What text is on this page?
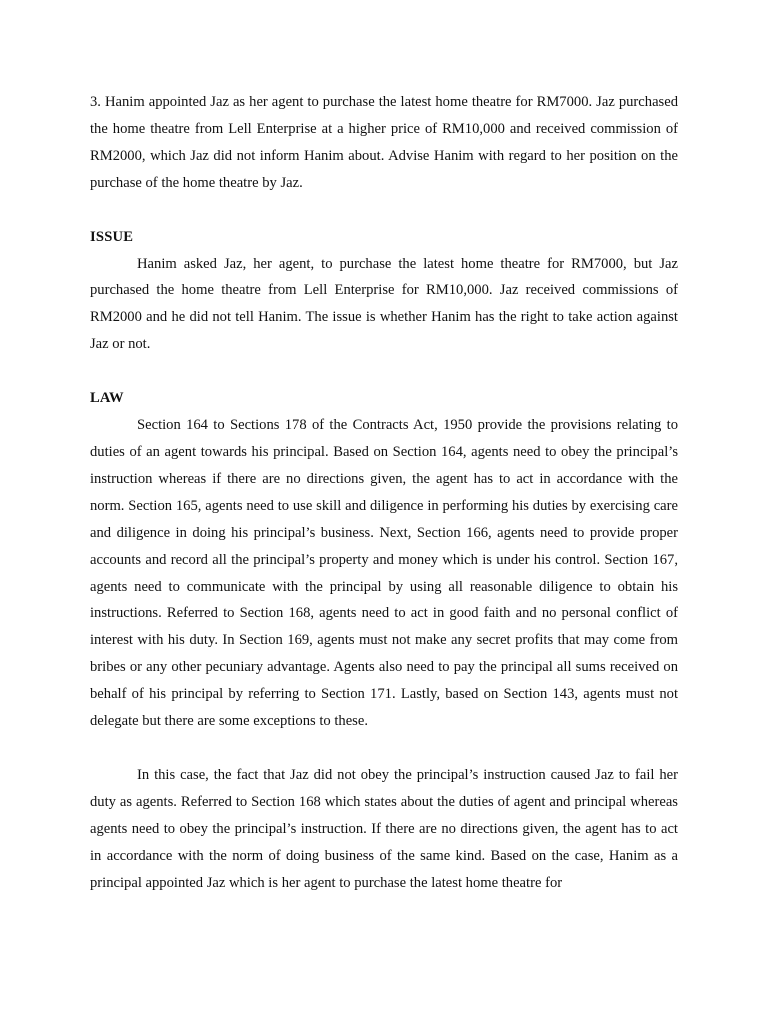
3. Hanim appointed Jaz as her agent to purchase the latest home theatre for RM7000. Jaz purchased the home theatre from Lell Enterprise at a higher price of RM10,000 and received commission of RM2000, which Jaz did not inform Hanim about. Advise Hanim with regard to her position on the purchase of the home theatre by Jaz.

ISSUE

Hanim asked Jaz, her agent, to purchase the latest home theatre for RM7000, but Jaz purchased the home theatre from Lell Enterprise for RM10,000. Jaz received commissions of RM2000 and he did not tell Hanim. The issue is whether Hanim has the right to take action against Jaz or not.

LAW

Section 164 to Sections 178 of the Contracts Act, 1950 provide the provisions relating to duties of an agent towards his principal. Based on Section 164, agents need to obey the principal’s instruction whereas if there are no directions given, the agent has to act in accordance with the norm. Section 165, agents need to use skill and diligence in performing his duties by exercising care and diligence in doing his principal’s business. Next, Section 166, agents need to provide proper accounts and record all the principal’s property and money which is under his control. Section 167, agents need to communicate with the principal by using all reasonable diligence to obtain his instructions. Referred to Section 168, agents need to act in good faith and no personal conflict of interest with his duty. In Section 169, agents must not make any secret profits that may come from bribes or any other pecuniary advantage. Agents also need to pay the principal all sums received on behalf of his principal by referring to Section 171. Lastly, based on Section 143, agents must not delegate but there are some exceptions to these.

In this case, the fact that Jaz did not obey the principal’s instruction caused Jaz to fail her duty as agents. Referred to Section 168 which states about the duties of agent and principal whereas agents need to obey the principal’s instruction. If there are no directions given, the agent has to act in accordance with the norm of doing business of the same kind. Based on the case, Hanim as a principal appointed Jaz which is her agent to purchase the latest home theatre for
